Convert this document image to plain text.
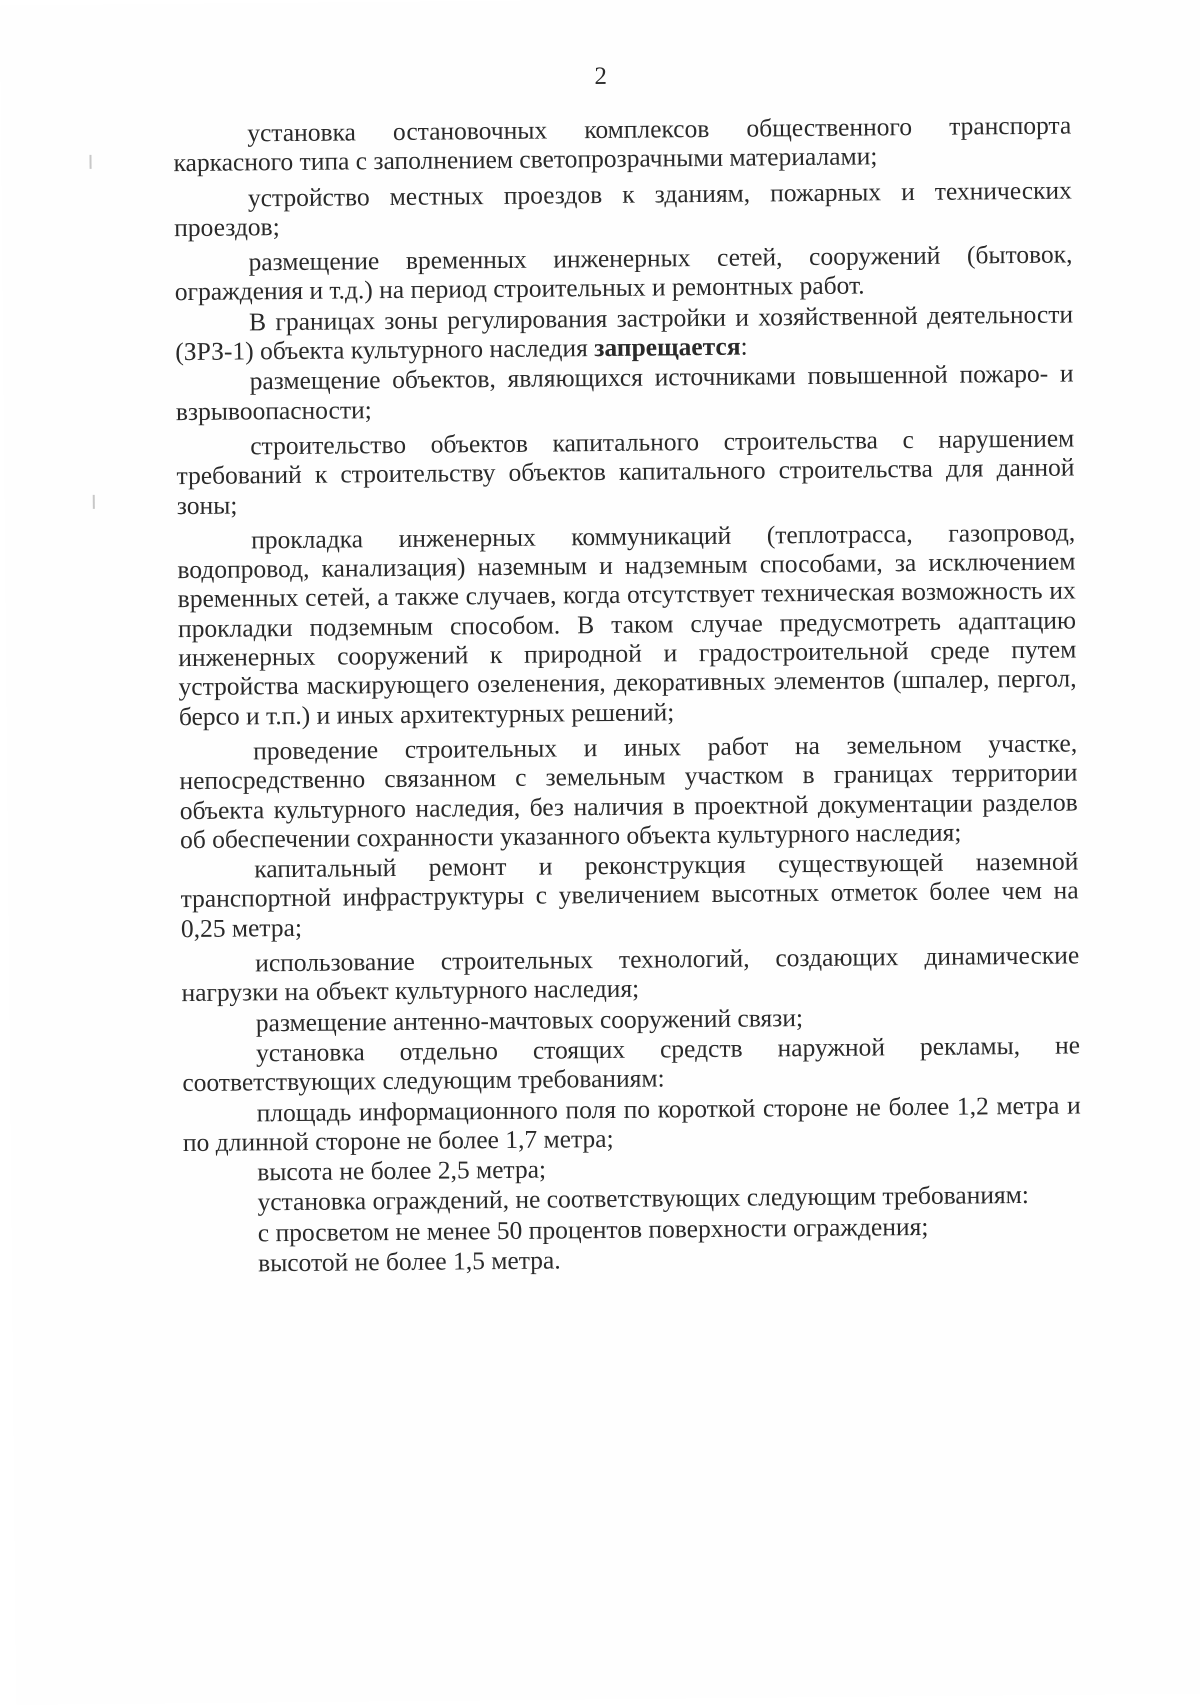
2

установка остановочных комплексов общественного транспорта каркасного типа с заполнением светопрозрачными материалами;

устройство местных проездов к зданиям, пожарных и технических проездов;

размещение временных инженерных сетей, сооружений (бытовок, ограждения и т.д.) на период строительных и ремонтных работ.

В границах зоны регулирования застройки и хозяйственной деятельности (ЗРЗ-1) объекта культурного наследия запрещается:

размещение объектов, являющихся источниками повышенной пожаро- и взрывоопасности;

строительство объектов капитального строительства с нарушением требований к строительству объектов капитального строительства для данной зоны;

прокладка инженерных коммуникаций (теплотрасса, газопровод, водопровод, канализация) наземным и надземным способами, за исключением временных сетей, а также случаев, когда отсутствует техническая возможность их прокладки подземным способом. В таком случае предусмотреть адаптацию инженерных сооружений к природной и градостроительной среде путем устройства маскирующего озеленения, декоративных элементов (шпалер, пергол, берсо и т.п.) и иных архитектурных решений;

проведение строительных и иных работ на земельном участке, непосредственно связанном с земельным участком в границах территории объекта культурного наследия, без наличия в проектной документации разделов об обеспечении сохранности указанного объекта культурного наследия;

капитальный ремонт и реконструкция существующей наземной транспортной инфраструктуры с увеличением высотных отметок более чем на 0,25 метра;

использование строительных технологий, создающих динамические нагрузки на объект культурного наследия;

размещение антенно-мачтовых сооружений связи;

установка отдельно стоящих средств наружной рекламы, не соответствующих следующим требованиям:

площадь информационного поля по короткой стороне не более 1,2 метра и по длинной стороне не более 1,7 метра;

высота не более 2,5 метра;

установка ограждений, не соответствующих следующим требованиям:

с просветом не менее 50 процентов поверхности ограждения;

высотой не более 1,5 метра.
